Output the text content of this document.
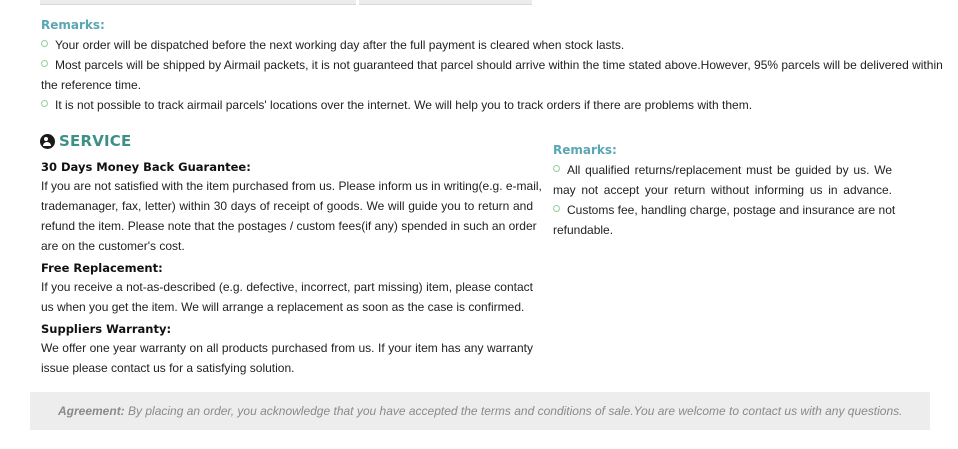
Remarks:
Your order will be dispatched before the next working day after the full payment is cleared when stock lasts.
Most parcels will be shipped by Airmail packets, it is not guaranteed that parcel should arrive within the time stated above.However, 95% parcels will be delivered within
the reference time.
It is not possible to track airmail parcels' locations over the internet. We will help you to track orders if there are problems with them.
SERVICE
30 Days Money Back Guarantee:
If you are not satisfied with the item purchased from us. Please inform us in writing(e.g. e-mail,
trademanager, fax, letter) within 30 days of receipt of goods. We will guide you to return and
refund the item. Please note that the postages / custom fees(if any) spended in such an order
are on the customer's cost.
Free Replacement:
If you receive a not-as-described (e.g. defective, incorrect, part missing) item, please contact
us when you get the item. We will arrange a replacement as soon as the case is confirmed.
Suppliers Warranty:
We offer one year warranty on all products purchased from us. If your item has any warranty
issue please contact us for a satisfying solution.
Remarks:
All qualified returns/replacement must be guided by us. We
may not accept your return without informing us in advance.
Customs fee, handling charge, postage and insurance are not
refundable.
Agreement: By placing an order, you acknowledge that you have accepted the terms and conditions of sale.You are welcome to contact us with any questions.
